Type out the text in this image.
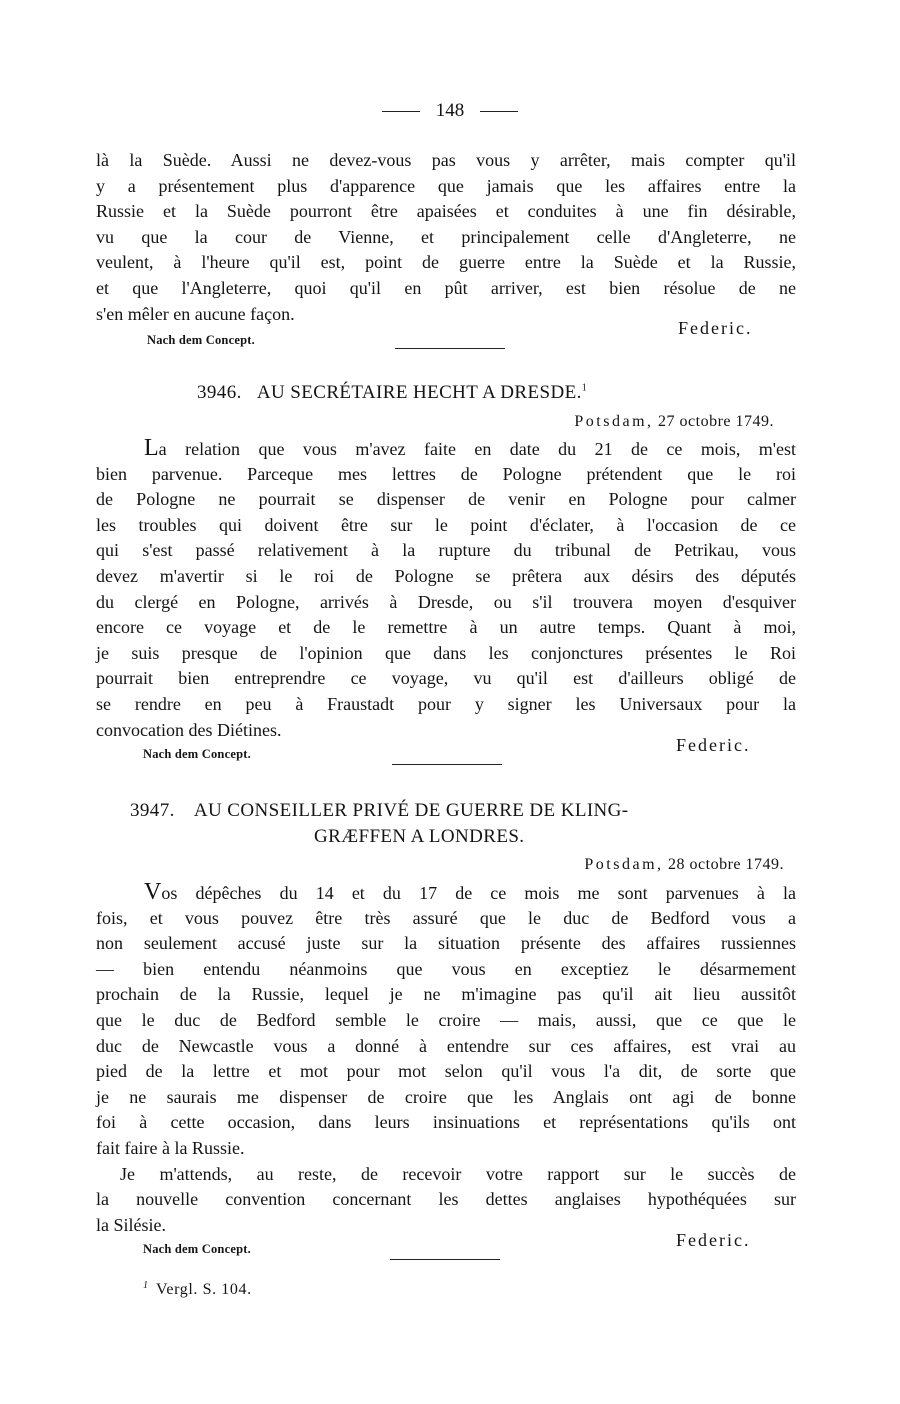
148
là la Suède. Aussi ne devez-vous pas vous y arrêter, mais compter qu'il
y a présentement plus d'apparence que jamais que les affaires entre la
Russie et la Suède pourront être apaisées et conduites à une fin désirable,
vu que la cour de Vienne, et principalement celle d'Angleterre, ne
veulent, à l'heure qu'il est, point de guerre entre la Suède et la Russie,
et que l'Angleterre, quoi qu'il en pût arriver, est bien résolue de ne
s'en mêler en aucune façon.
Federic.
Nach dem Concept.
3946. AU SECRÉTAIRE HECHT A DRESDE.$^1$
Potsdam, 27 octobre 1749.
La relation que vous m'avez faite en date du 21 de ce mois, m'est
bien parvenue. Parceque mes lettres de Pologne prétendent que le roi
de Pologne ne pourrait se dispenser de venir en Pologne pour calmer
les troubles qui doivent être sur le point d'éclater, à l'occasion de ce
qui s'est passé relativement à la rupture du tribunal de Petrikau, vous
devez m'avertir si le roi de Pologne se prêtera aux désirs des députés
du clergé en Pologne, arrivés à Dresde, ou s'il trouvera moyen d'esquiver
encore ce voyage et de le remettre à un autre temps. Quant à moi,
je suis presque de l'opinion que dans les conjonctures présentes le Roi
pourrait bien entreprendre ce voyage, vu qu'il est d'ailleurs obligé de
se rendre en peu à Fraustadt pour y signer les Universaux pour la
convocation des Diétines.
Federic.
Nach dem Concept.
3947. AU CONSEILLER PRIVÉ DE GUERRE DE KLING-
GRÆFFEN A LONDRES.
Potsdam, 28 octobre 1749.
Vos dépêches du 14 et du 17 de ce mois me sont parvenues à la
fois, et vous pouvez être très assuré que le duc de Bedford vous a
non seulement accusé juste sur la situation présente des affaires russiennes
— bien entendu néanmoins que vous en exceptiez le désarmement
prochain de la Russie, lequel je ne m'imagine pas qu'il ait lieu aussitôt
que le duc de Bedford semble le croire — mais, aussi, que ce que le
duc de Newcastle vous a donné à entendre sur ces affaires, est vrai au
pied de la lettre et mot pour mot selon qu'il vous l'a dit, de sorte que
je ne saurais me dispenser de croire que les Anglais ont agi de bonne
foi à cette occasion, dans leurs insinuations et représentations qu'ils ont
fait faire à la Russie.
Je m'attends, au reste, de recevoir votre rapport sur le succès de
la nouvelle convention concernant les dettes anglaises hypothéquées sur
la Silésie.
Federic.
Nach dem Concept.
$^1$ Vergl. S. 104.
